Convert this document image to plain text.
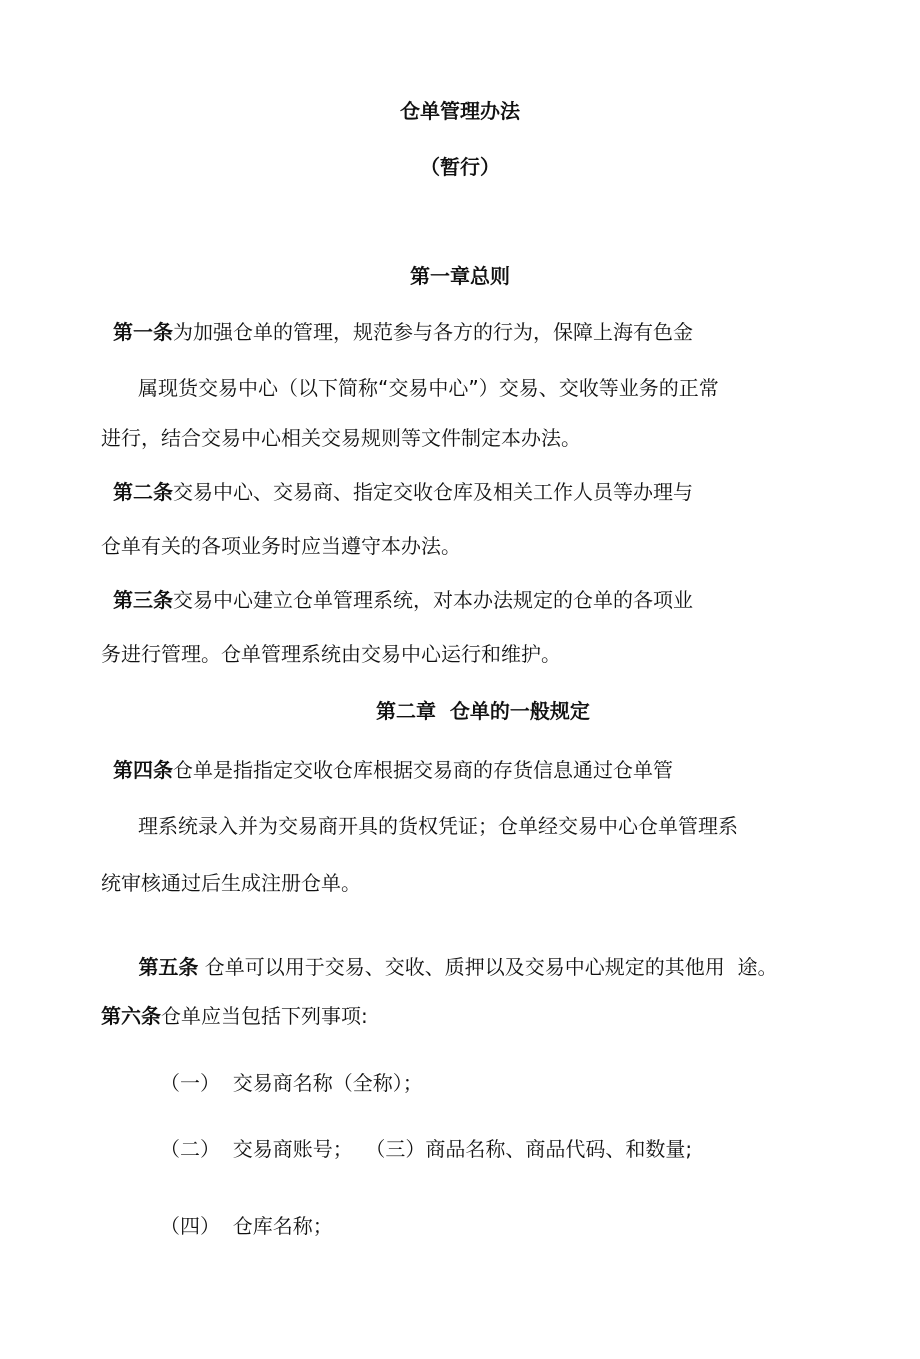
仓单管理办法
（暂行）
第一章总则
第一条为加强仓单的管理，规范参与各方的行为，保障上海有色金
属现货交易中心（以下简称“交易中心”）交易、交收等业务的正常
进行，结合交易中心相关交易规则等文件制定本办法。
第二条交易中心、交易商、指定交收仓库及相关工作人员等办理与
仓单有关的各项业务时应当遵守本办法。
第三条交易中心建立仓单管理系统，对本办法规定的仓单的各项业
务进行管理。仓单管理系统由交易中心运行和维护。
第二章  仓单的一般规定
第四条仓单是指指定交收仓库根据交易商的存货信息通过仓单管
理系统录入并为交易商开具的货权凭证；仓单经交易中心仓单管理系
统审核通过后生成注册仓单。

第五条 仓单可以用于交易、交收、质押以及交易中心规定的其他用  途。

第六条仓单应当包括下列事项:
（一）  交易商名称（全称）；
（二）  交易商账号；  （三）商品名称、商品代码、和数量;
（四）  仓库名称；
